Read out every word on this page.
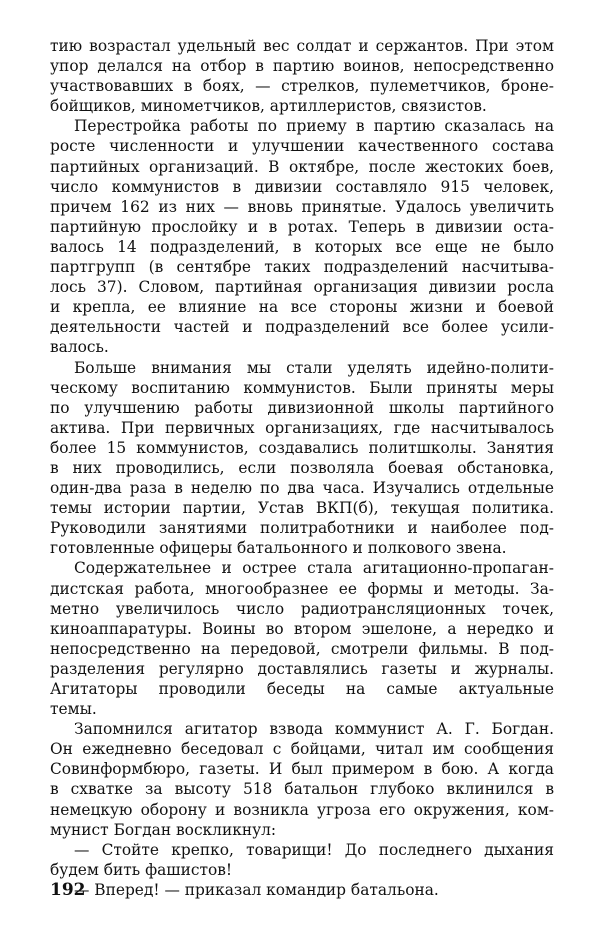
тию возрастал удельный вес солдат и сержантов. При этом
упор делался на отбор в партию воинов, непосредственно
участвовавших в боях, — стрелков, пулеметчиков, броне-
бойщиков, минометчиков, артиллеристов, связистов.
Перестройка работы по приему в партию сказалась на
росте численности и улучшении качественного состава
партийных организаций. В октябре, после жестоких боев,
число коммунистов в дивизии составляло 915 человек,
причем 162 из них — вновь принятые. Удалось увеличить
партийную прослойку и в ротах. Теперь в дивизии оста-
валось 14 подразделений, в которых все еще не было
партгрупп (в сентябре таких подразделений насчитыва-
лось 37). Словом, партийная организация дивизии росла
и крепла, ее влияние на все стороны жизни и боевой
деятельности частей и подразделений все более усили-
валось.
Больше внимания мы стали уделять идейно-полити-
ческому воспитанию коммунистов. Были приняты меры
по улучшению работы дивизионной школы партийного
актива. При первичных организациях, где насчитывалось
более 15 коммунистов, создавались политшколы. Занятия
в них проводились, если позволяла боевая обстановка,
один-два раза в неделю по два часа. Изучались отдельные
темы истории партии, Устав ВКП(б), текущая политика.
Руководили занятиями политработники и наиболее под-
готовленные офицеры батальонного и полкового звена.
Содержательнее и острее стала агитационно-пропаган-
дистская работа, многообразнее ее формы и методы. За-
метно увеличилось число радиотрансляционных точек,
киноаппаратуры. Воины во втором эшелоне, а нередко и
непосредственно на передовой, смотрели фильмы. В под-
разделения регулярно доставлялись газеты и журналы.
Агитаторы проводили беседы на самые актуальные
темы.
Запомнился агитатор взвода коммунист А. Г. Богдан.
Он ежедневно беседовал с бойцами, читал им сообщения
Совинформбюро, газеты. И был примером в бою. А когда
в схватке за высоту 518 батальон глубоко вклинился в
немецкую оборону и возникла угроза его окружения, ком-
мунист Богдан воскликнул:
— Стойте крепко, товарищи! До последнего дыхания
будем бить фашистов!
— Вперед! — приказал командир батальона.
192
